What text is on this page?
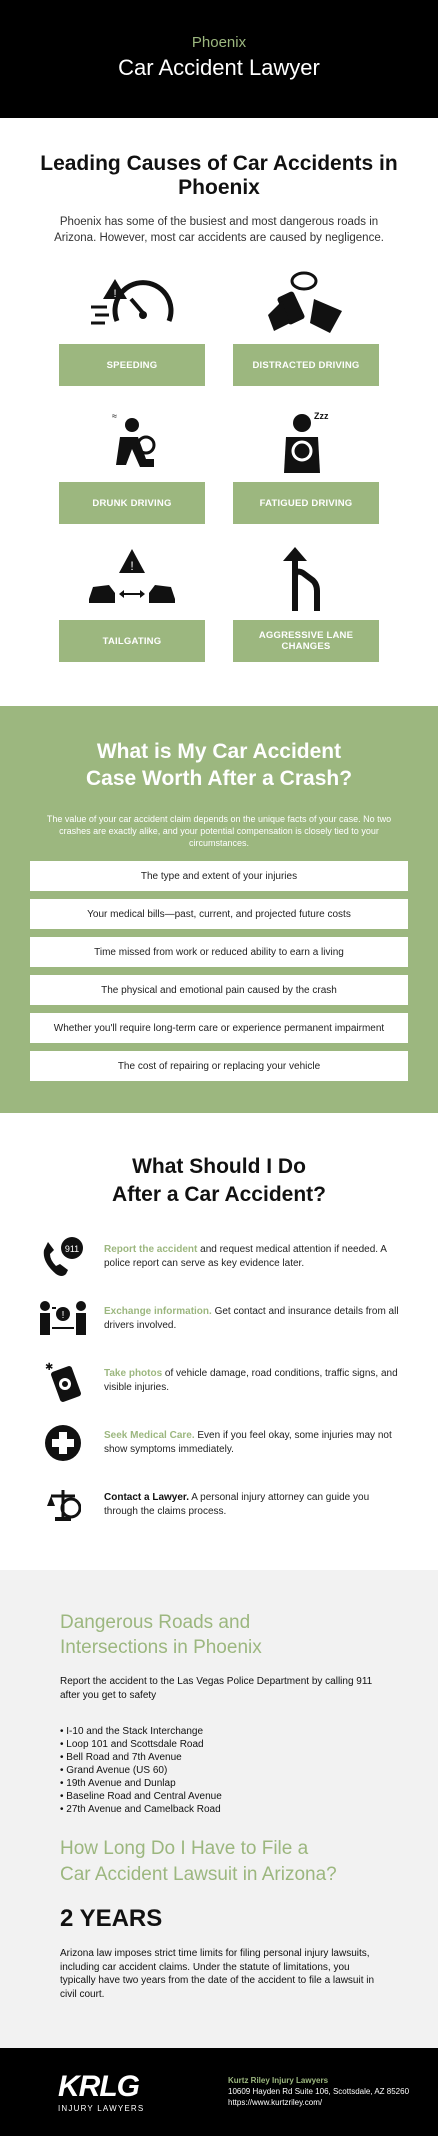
Phoenix
Car Accident Lawyer
Leading Causes of Car Accidents in Phoenix

Phoenix has some of the busiest and most dangerous roads in Arizona. However, most car accidents are caused by negligence.

!
SPEEDING	DISTRACTED DRIVING
≈
DRUNK DRIVING
Zzz
FATIGUED DRIVING
!
TAILGATING	AGGRESSIVE LANE CHANGES
What is My Car Accident
Case Worth After a Crash?

The value of your car accident claim depends on the unique facts of your case. No two crashes are exactly alike, and your potential compensation is closely tied to your circumstances.

The type and extent of your injuries
Your medical bills—past, current, and projected future costs
Time missed from work or reduced ability to earn a living
The physical and emotional pain caused by the crash
Whether you'll require long-term care or experience permanent impairment
The cost of repairing or replacing your vehicle
What Should I Do
After a Car Accident?
911 Report the accident and request medical attention if needed. A police report can serve as key evidence later.

!	Exchange information. Get contact and insurance details from all drivers involved.

✱

Take photos of vehicle damage, road conditions, traffic signs, and visible injuries.

Seek Medical Care. Even if you feel okay, some injuries may not show symptoms immediately.

Contact a Lawyer. A personal injury attorney can guide you through the claims process.

Dangerous Roads and
Intersections in Phoenix

Report the accident to the Las Vegas Police Department by calling 911 after you get to safety

• I-10 and the Stack Interchange
• Loop 101 and Scottsdale Road
• Bell Road and 7th Avenue
• Grand Avenue (US 60)
• 19th Avenue and Dunlap
• Baseline Road and Central Avenue
• 27th Avenue and Camelback Road
How Long Do I Have to File a
Car Accident Lawsuit in Arizona?
2 YEARS

Arizona law imposes strict time limits for filing personal injury lawsuits, including car accident claims. Under the statute of limitations, you typically have two years from the date of the accident to file a lawsuit in civil court.

KRLG
INJURY LAWYERS
Kurtz Riley Injury Lawyers
10609 Hayden Rd Suite 106, Scottsdale, AZ 85260
https://www.kurtzriley.com/
